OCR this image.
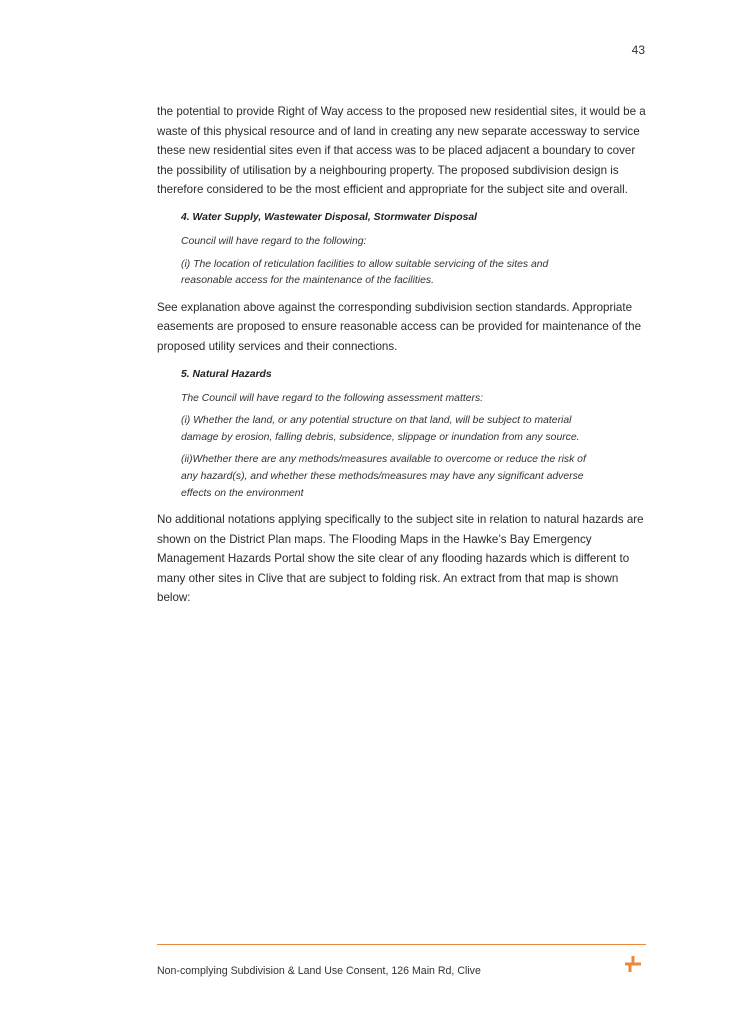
43

the potential to provide Right of Way access to the proposed new residential sites, it would be a waste of this physical resource and of land in creating any new separate accessway to service these new residential sites even if that access was to be placed adjacent a boundary to cover the possibility of utilisation by a neighbouring property. The proposed subdivision design is therefore considered to be the most efficient and appropriate for the subject site and overall.

4. Water Supply, Wastewater Disposal, Stormwater Disposal

Council will have regard to the following:

(i) The location of reticulation facilities to allow suitable servicing of the sites and reasonable access for the maintenance of the facilities.

See explanation above against the corresponding subdivision section standards. Appropriate easements are proposed to ensure reasonable access can be provided for maintenance of the proposed utility services and their connections.

5. Natural Hazards

The Council will have regard to the following assessment matters:

(i) Whether the land, or any potential structure on that land, will be subject to material damage by erosion, falling debris, subsidence, slippage or inundation from any source.

(ii)Whether there are any methods/measures available to overcome or reduce the risk of any hazard(s), and whether these methods/measures may have any significant adverse effects on the environment

No additional notations applying specifically to the subject site in relation to natural hazards are shown on the District Plan maps. The Flooding Maps in the Hawke’s Bay Emergency Management Hazards Portal show the site clear of any flooding hazards which is different to many other sites in Clive that are subject to folding risk. An extract from that map is shown below:

Non-complying Subdivision & Land Use Consent, 126 Main Rd, Clive
